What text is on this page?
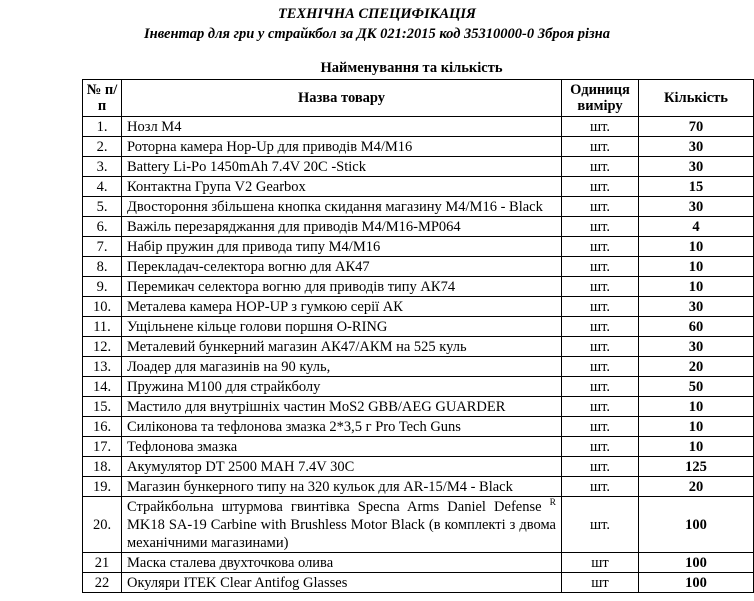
ТЕХНІЧНА СПЕЦИФІКАЦІЯ
Інвентар для гри у страйкбол за ДК 021:2015 код 35310000-0 Зброя різна
Найменування та кількість
№ п/п	Назва товару	Одиниця виміру	Кількість
1.	Нозл М4	шт.	70
2.	Роторна камера Hop-Up для приводів М4/М16	шт.	30
3.	Battery Li-Po 1450mAh 7.4V 20C -Stick	шт.	30
4.	Контактна Група V2 Gearbox	шт.	15
5.	Двостороння збільшена кнопка скидання магазину М4/М16 - Black	шт.	30
6.	Важіль перезаряджання для приводів М4/М16-МР064	шт.	4
7.	Набір пружин для привода типу М4/М16	шт.	10
8.	Перекладач-селектора вогню для АК47	шт.	10
9.	Перемикач селектора вогню для приводів типу АК74	шт.	10
10.	Металева камера HOP-UP з гумкою серії АК	шт.	30
11.	Ущільнене кільце голови поршня O-RING	шт.	60
12.	Металевий бункерний магазин АК47/АКМ на 525 куль	шт.	30
13.	Лоадер для магазинів на 90 куль,	шт.	20
14.	Пружина М100 для страйкболу	шт.	50
15.	Мастило для внутрішніх частин MoS2 GBB/AEG GUARDER	шт.	10
16.	Силіконова та тефлонова змазка 2*3,5 г Pro Tech Guns	шт.	10
17.	Тефлонова змазка	шт.	10
18.	Акумулятор DT 2500 MAH 7.4V 30C	шт.	125
19.	Магазин бункерного типу на 320 кульок для AR-15/М4 - Black	шт.	20
20.	Страйкбольна штурмова гвинтівка Specna Arms Daniel Defense $^R$ MK18 SA-19 Carbine with Brushless Motor Black (в комплекті з двома механічними магазинами)	шт.	100
21	Маска сталева двухточкова олива	шт	100
22	Окуляри ITEK Clear Antifog Glasses	шт	100
